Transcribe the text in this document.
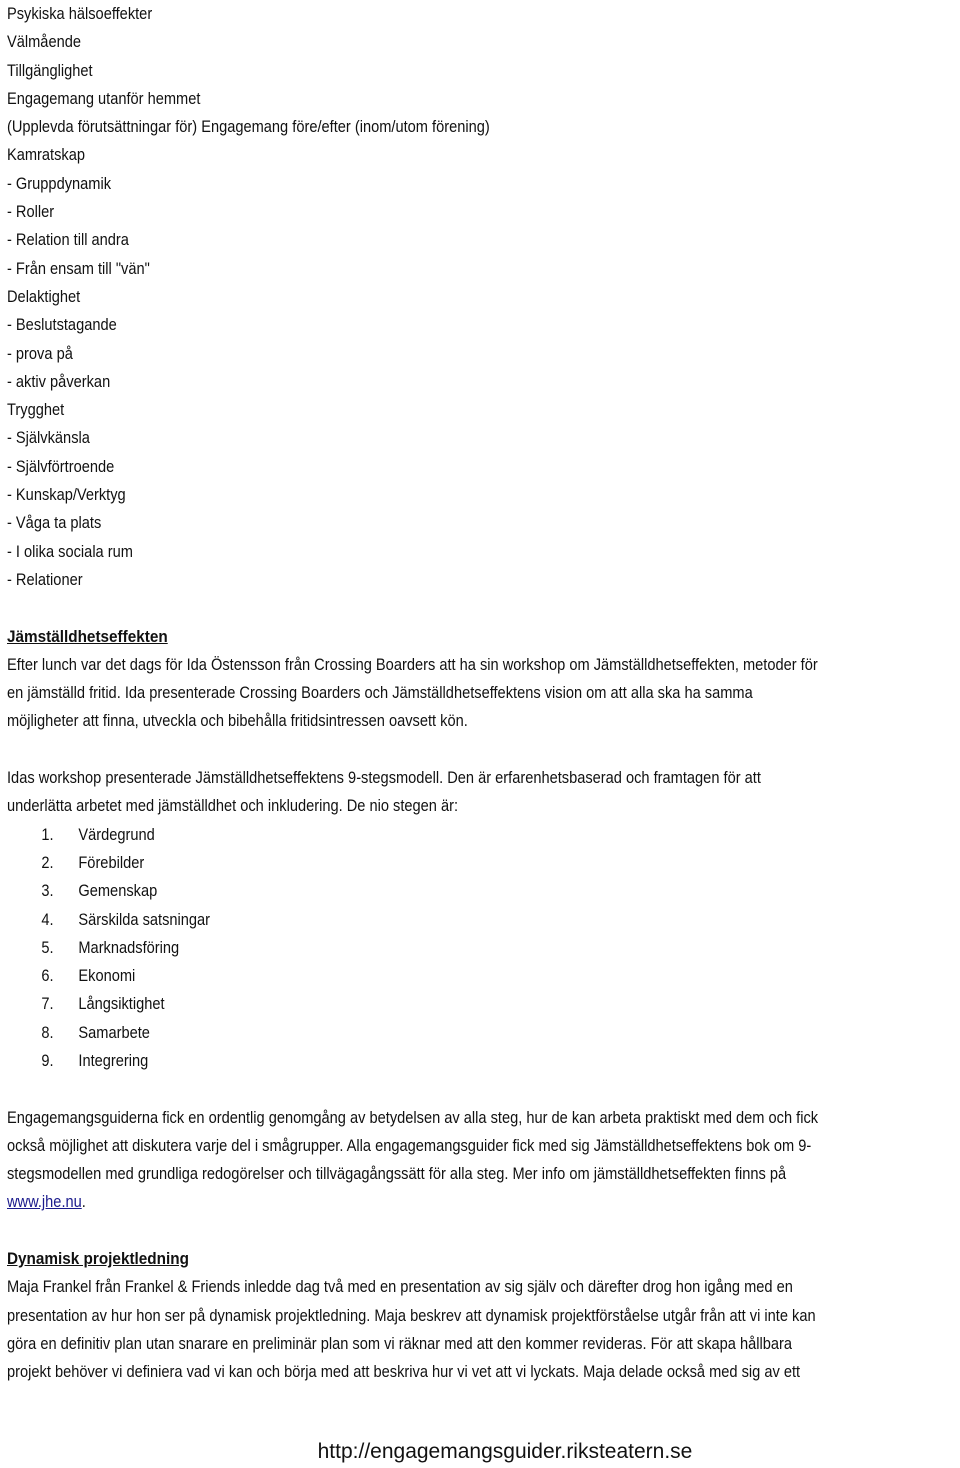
Psykiska hälsoeffekter
Välmående
Tillgänglighet
Engagemang utanför hemmet
(Upplevda förutsättningar för) Engagemang före/efter (inom/utom förening)
Kamratskap
- Gruppdynamik
- Roller
- Relation till andra
- Från ensam till "vän"
Delaktighet
- Beslutstagande
- prova på
- aktiv påverkan
Trygghet
- Självkänsla
- Självförtroende
- Kunskap/Verktyg
- Våga ta plats
- I olika sociala rum
- Relationer
Jämställdhetseffekten
Efter lunch var det dags för Ida Östensson från Crossing Boarders att ha sin workshop om Jämställdhetseffekten, metoder för
en jämställd fritid. Ida presenterade Crossing Boarders och Jämställdhetseffektens vision om att alla ska ha samma
möjligheter att finna, utveckla och bibehålla fritidsintressen oavsett kön.
Idas workshop presenterade Jämställdhetseffektens 9-stegsmodell. Den är erfarenhetsbaserad och framtagen för att
underlätta arbetet med jämställdhet och inkludering. De nio stegen är:
1.	Värdegrund
2.	Förebilder
3.	Gemenskap
4.	Särskilda satsningar
5.	Marknadsföring
6.	Ekonomi
7.	Långsiktighet
8.	Samarbete
9.	Integrering
Engagemangsguiderna fick en ordentlig genomgång av betydelsen av alla steg, hur de kan arbeta praktiskt med dem och fick
också möjlighet att diskutera varje del i smågrupper. Alla engagemangsguider fick med sig Jämställdhetseffektens bok om 9-
stegsmodellen med grundliga redogörelser och tillvägagångssätt för alla steg. Mer info om jämställdhetseffekten finns på
www.jhe.nu.
Dynamisk projektledning
Maja Frankel från Frankel & Friends inledde dag två med en presentation av sig själv och därefter drog hon igång med en
presentation av hur hon ser på dynamisk projektledning. Maja beskrev att dynamisk projektförståelse utgår från att vi inte kan
göra en definitiv plan utan snarare en preliminär plan som vi räknar med att den kommer revideras. För att skapa hållbara
projekt behöver vi definiera vad vi kan och börja med att beskriva hur vi vet att vi lyckats. Maja delade också med sig av ett
http://engagemangsguider.riksteatern.se
